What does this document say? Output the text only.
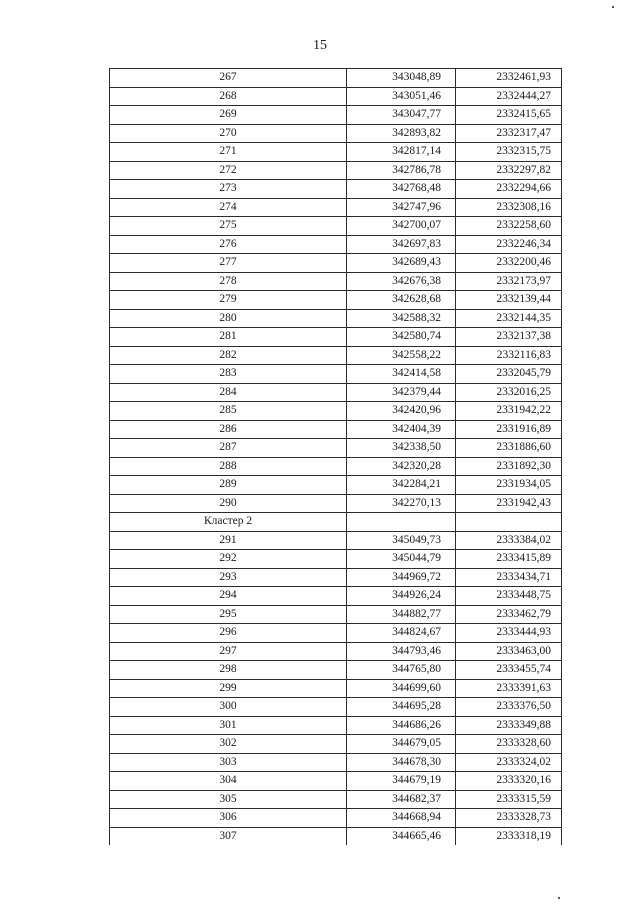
15
267	343048,89	2332461,93
268	343051,46	2332444,27
269	343047,77	2332415,65
270	342893,82	2332317,47
271	342817,14	2332315,75
272	342786,78	2332297,82
273	342768,48	2332294,66
274	342747,96	2332308,16
275	342700,07	2332258,60
276	342697,83	2332246,34
277	342689,43	2332200,46
278	342676,38	2332173,97
279	342628,68	2332139,44
280	342588,32	2332144,35
281	342580,74	2332137,38
282	342558,22	2332116,83
283	342414,58	2332045,79
284	342379,44	2332016,25
285	342420,96	2331942,22
286	342404,39	2331916,89
287	342338,50	2331886,60
288	342320,28	2331892,30
289	342284,21	2331934,05
290	342270,13	2331942,43
Кластер 2		
291	345049,73	2333384,02
292	345044,79	2333415,89
293	344969,72	2333434,71
294	344926,24	2333448,75
295	344882,77	2333462,79
296	344824,67	2333444,93
297	344793,46	2333463,00
298	344765,80	2333455,74
299	344699,60	2333391,63
300	344695,28	2333376,50
301	344686,26	2333349,88
302	344679,05	2333328,60
303	344678,30	2333324,02
304	344679,19	2333320,16
305	344682,37	2333315,59
306	344668,94	2333328,73
307	344665,46	2333318,19
